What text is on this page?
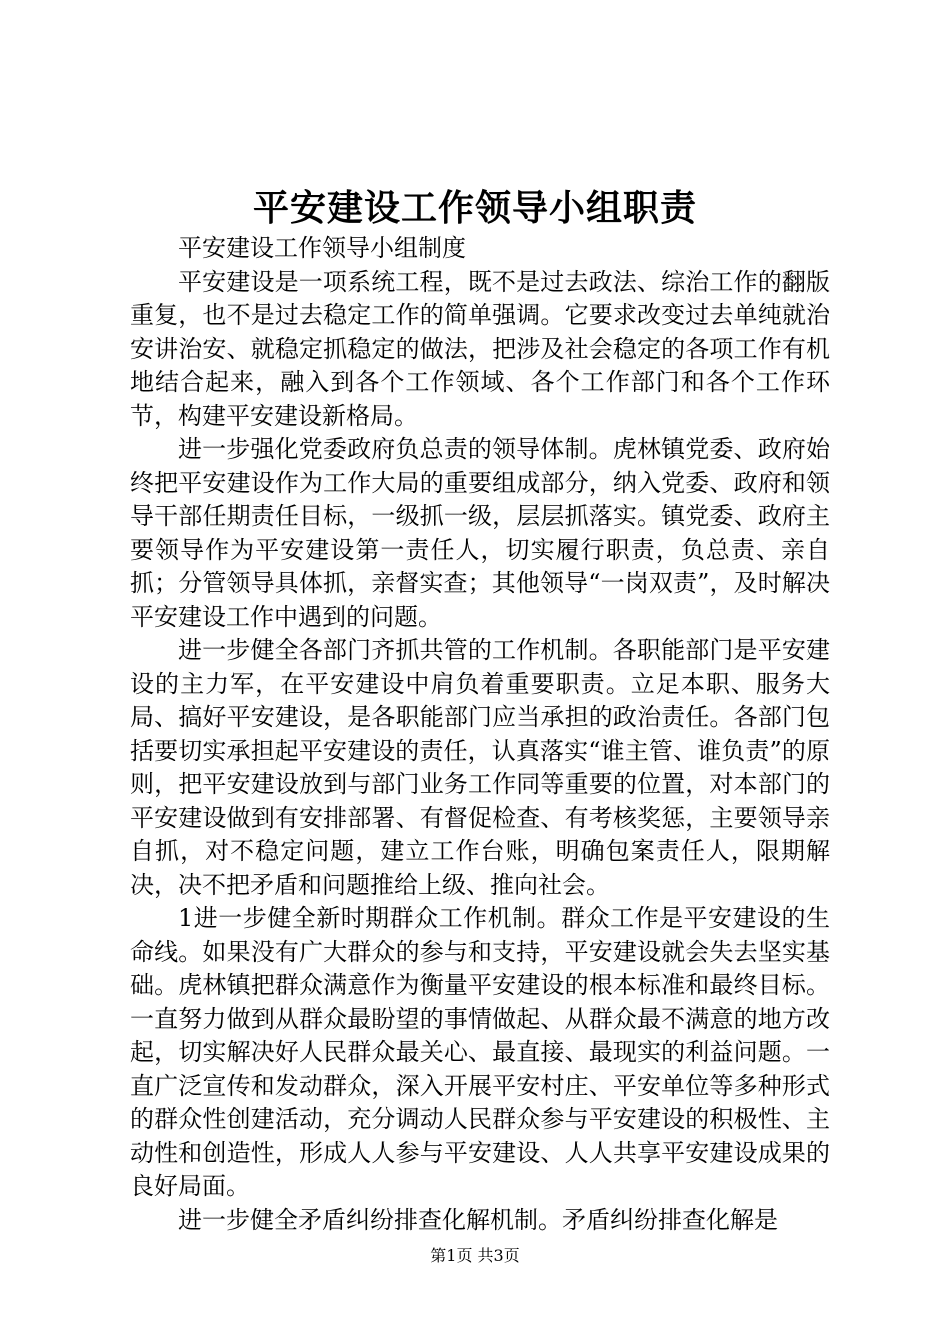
平安建设工作领导小组职责

平安建设工作领导小组制度

平安建设是一项系统工程，既不是过去政法、综治工作的翻版重复，也不是过去稳定工作的简单强调。它要求改变过去单纯就治安讲治安、就稳定抓稳定的做法，把涉及社会稳定的各项工作有机地结合起来，融入到各个工作领域、各个工作部门和各个工作环节，构建平安建设新格局。

进一步强化党委政府负总责的领导体制。虎林镇党委、政府始终把平安建设作为工作大局的重要组成部分，纳入党委、政府和领导干部任期责任目标，一级抓一级，层层抓落实。镇党委、政府主要领导作为平安建设第一责任人，切实履行职责，负总责、亲自抓；分管领导具体抓，亲督实查；其他领导“一岗双责”，及时解决平安建设工作中遇到的问题。

进一步健全各部门齐抓共管的工作机制。各职能部门是平安建设的主力军，在平安建设中肩负着重要职责。立足本职、服务大局、搞好平安建设，是各职能部门应当承担的政治责任。各部门包括要切实承担起平安建设的责任，认真落实“谁主管、谁负责”的原则，把平安建设放到与部门业务工作同等重要的位置，对本部门的平安建设做到有安排部署、有督促检查、有考核奖惩，主要领导亲自抓，对不稳定问题，建立工作台账，明确包案责任人，限期解决，决不把矛盾和问题推给上级、推向社会。

1进一步健全新时期群众工作机制。群众工作是平安建设的生命线。如果没有广大群众的参与和支持，平安建设就会失去坚实基础。虎林镇把群众满意作为衡量平安建设的根本标准和最终目标。一直努力做到从群众最盼望的事情做起、从群众最不满意的地方改起，切实解决好人民群众最关心、最直接、最现实的利益问题。一直广泛宣传和发动群众，深入开展平安村庄、平安单位等多种形式的群众性创建活动，充分调动人民群众参与平安建设的积极性、主动性和创造性，形成人人参与平安建设、人人共享平安建设成果的良好局面。

进一步健全矛盾纠纷排查化解机制。矛盾纠纷排查化解是

第1页 共3页
